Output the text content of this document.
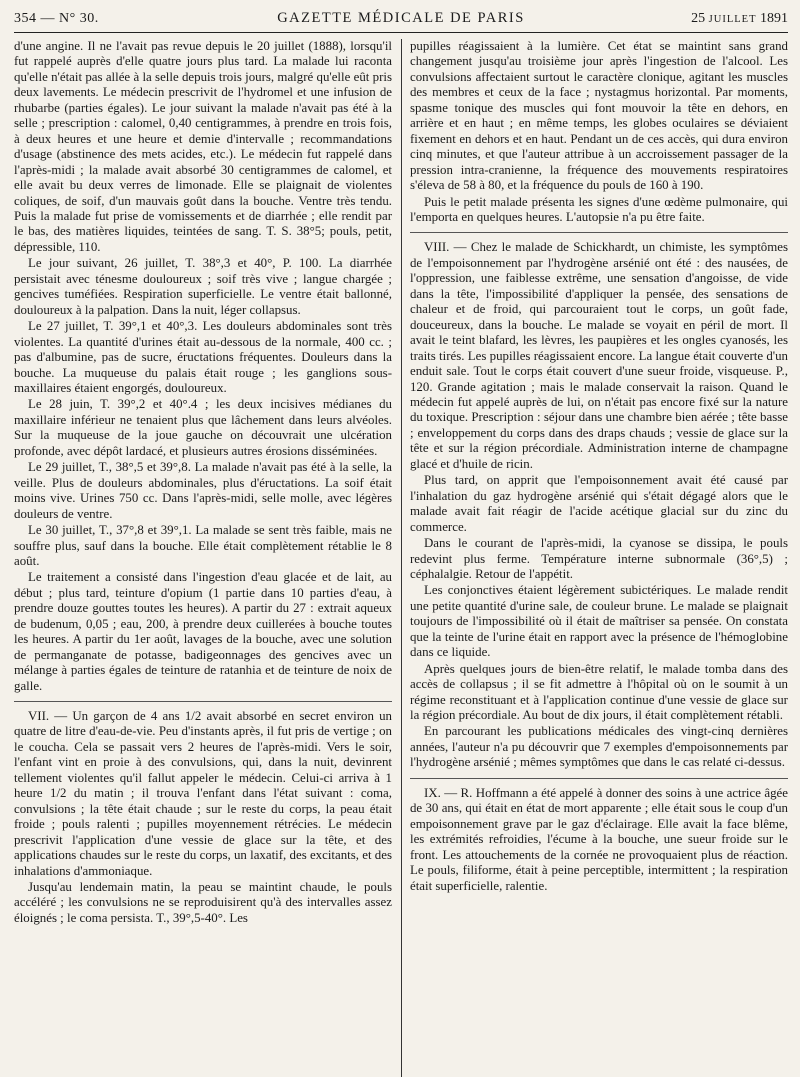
354 — N° 30.	GAZETTE MÉDICALE DE PARIS	25 JUILLET 1891

d'une angine. Il ne l'avait pas revue depuis le 20 juillet (1888), lorsqu'il fut rappelé auprès d'elle quatre jours plus tard. La malade lui raconta qu'elle n'était pas allée à la selle depuis trois jours, malgré qu'elle eût pris deux lavements. Le médecin prescrivit de l'hydromel et une infusion de rhubarbe (parties égales). Le jour suivant la malade n'avait pas été à la selle ; prescription : calomel, 0,40 centigrammes, à prendre en trois fois, à deux heures et une heure et demie d'intervalle ; recommandations d'usage (abstinence des mets acides, etc.). Le médecin fut rappelé dans l'après-midi ; la malade avait absorbé 30 centigrammes de calomel, et elle avait bu deux verres de limonade. Elle se plaignait de violentes coliques, de soif, d'un mauvais goût dans la bouche. Ventre très tendu. Puis la malade fut prise de vomissements et de diarrhée ; elle rendit par le bas, des matières liquides, teintées de sang. T. S. 38°5; pouls, petit, dépressible, 110.

Le jour suivant, 26 juillet, T. 38°,3 et 40°, P. 100. La diarrhée persistait avec ténesme douloureux ; soif très vive ; langue chargée ; gencives tuméfiées. Respiration superficielle. Le ventre était ballonné, douloureux à la palpation. Dans la nuit, léger collapsus.

Le 27 juillet, T. 39°,1 et 40°,3. Les douleurs abdominales sont très violentes. La quantité d'urines était au-dessous de la normale, 400 cc. ; pas d'albumine, pas de sucre, éructations fréquentes. Douleurs dans la bouche. La muqueuse du palais était rouge ; les ganglions sous-maxillaires étaient engorgés, douloureux.

Le 28 juin, T. 39°,2 et 40°.4 ; les deux incisives médianes du maxillaire inférieur ne tenaient plus que lâchement dans leurs alvéoles. Sur la muqueuse de la joue gauche on découvrait une ulcération profonde, avec dépôt lardacé, et plusieurs autres érosions disséminées.

Le 29 juillet, T., 38°,5 et 39°,8. La malade n'avait pas été à la selle, la veille. Plus de douleurs abdominales, plus d'éructations. La soif était moins vive. Urines 750 cc. Dans l'après-midi, selle molle, avec légères douleurs de ventre.

Le 30 juillet, T., 37°,8 et 39°,1. La malade se sent très faible, mais ne souffre plus, sauf dans la bouche. Elle était complètement rétablie le 8 août.

Le traitement a consisté dans l'ingestion d'eau glacée et de lait, au début ; plus tard, teinture d'opium (1 partie dans 10 parties d'eau, à prendre douze gouttes toutes les heures). A partir du 27 : extrait aqueux de budenum, 0,05 ; eau, 200, à prendre deux cuillerées à bouche toutes les heures. A partir du 1er août, lavages de la bouche, avec une solution de permanganate de potasse, badigeonnages des gencives avec un mélange à parties égales de teinture de ratanhia et de teinture de noix de galle.

VII. — Un garçon de 4 ans 1/2 avait absorbé en secret environ un quatre de litre d'eau-de-vie. Peu d'instants après, il fut pris de vertige ; on le coucha. Cela se passait vers 2 heures de l'après-midi. Vers le soir, l'enfant vint en proie à des convulsions, qui, dans la nuit, devinrent tellement violentes qu'il fallut appeler le médecin. Celui-ci arriva à 1 heure 1/2 du matin ; il trouva l'enfant dans l'état suivant : coma, convulsions ; la tête était chaude ; sur le reste du corps, la peau était froide ; pouls ralenti ; pupilles moyennement rétrécies. Le médecin prescrivit l'application d'une vessie de glace sur la tête, et des applications chaudes sur le reste du corps, un laxatif, des excitants, et des inhalations d'ammoniaque.

Jusqu'au lendemain matin, la peau se maintint chaude, le pouls accéléré ; les convulsions ne se reproduisirent qu'à des intervalles assez éloignés ; le coma persista. T., 39°,5-40°. Les

pupilles réagissaient à la lumière. Cet état se maintint sans grand changement jusqu'au troisième jour après l'ingestion de l'alcool. Les convulsions affectaient surtout le caractère clonique, agitant les muscles des membres et ceux de la face ; nystagmus horizontal. Par moments, spasme tonique des muscles qui font mouvoir la tête en dehors, en arrière et en haut ; en même temps, les globes oculaires se déviaient fixement en dehors et en haut. Pendant un de ces accès, qui dura environ cinq minutes, et que l'auteur attribue à un accroissement passager de la pression intra-cranienne, la fréquence des mouvements respiratoires s'éleva de 58 à 80, et la fréquence du pouls de 160 à 190.

Puis le petit malade présenta les signes d'une œdème pulmonaire, qui l'emporta en quelques heures. L'autopsie n'a pu être faite.

VIII. — Chez le malade de Schickhardt, un chimiste, les symptômes de l'empoisonnement par l'hydrogène arsénié ont été : des nausées, de l'oppression, une faiblesse extrême, une sensation d'angoisse, de vide dans la tête, l'impossibilité d'appliquer la pensée, des sensations de chaleur et de froid, qui parcouraient tout le corps, un goût fade, douceureux, dans la bouche. Le malade se voyait en péril de mort. Il avait le teint blafard, les lèvres, les paupières et les ongles cyanosés, les traits tirés. Les pupilles réagissaient encore. La langue était couverte d'un enduit sale. Tout le corps était couvert d'une sueur froide, visqueuse. P., 120. Grande agitation ; mais le malade conservait la raison. Quand le médecin fut appelé auprès de lui, on n'était pas encore fixé sur la nature du toxique. Prescription : séjour dans une chambre bien aérée ; tête basse ; enveloppement du corps dans des draps chauds ; vessie de glace sur la tête et sur la région précordiale. Administration interne de champagne glacé et d'huile de ricin.

Plus tard, on apprit que l'empoisonnement avait été causé par l'inhalation du gaz hydrogène arsénié qui s'était dégagé alors que le malade avait fait réagir de l'acide acétique glacial sur du zinc du commerce.

Dans le courant de l'après-midi, la cyanose se dissipa, le pouls redevint plus ferme. Température interne subnormale (36°,5) ; céphalalgie. Retour de l'appétit.

Les conjonctives étaient légèrement subictériques. Le malade rendit une petite quantité d'urine sale, de couleur brune. Le malade se plaignait toujours de l'impossibilité où il était de maîtriser sa pensée. On constata que la teinte de l'urine était en rapport avec la présence de l'hémoglobine dans ce liquide.

Après quelques jours de bien-être relatif, le malade tomba dans des accès de collapsus ; il se fit admettre à l'hôpital où on le soumit à un régime reconstituant et à l'application continue d'une vessie de glace sur la région précordiale. Au bout de dix jours, il était complètement rétabli.

En parcourant les publications médicales des vingt-cinq dernières années, l'auteur n'a pu découvrir que 7 exemples d'empoisonnements par l'hydrogène arsénié ; mêmes symptômes que dans le cas relaté ci-dessus.

IX. — R. Hoffmann a été appelé à donner des soins à une actrice âgée de 30 ans, qui était en état de mort apparente ; elle était sous le coup d'un empoisonnement grave par le gaz d'éclairage. Elle avait la face blême, les extrémités refroidies, l'écume à la bouche, une sueur froide sur le front. Les attouchements de la cornée ne provoquaient plus de réaction. Le pouls, filiforme, était à peine perceptible, intermittent ; la respiration était superficielle, ralentie.
